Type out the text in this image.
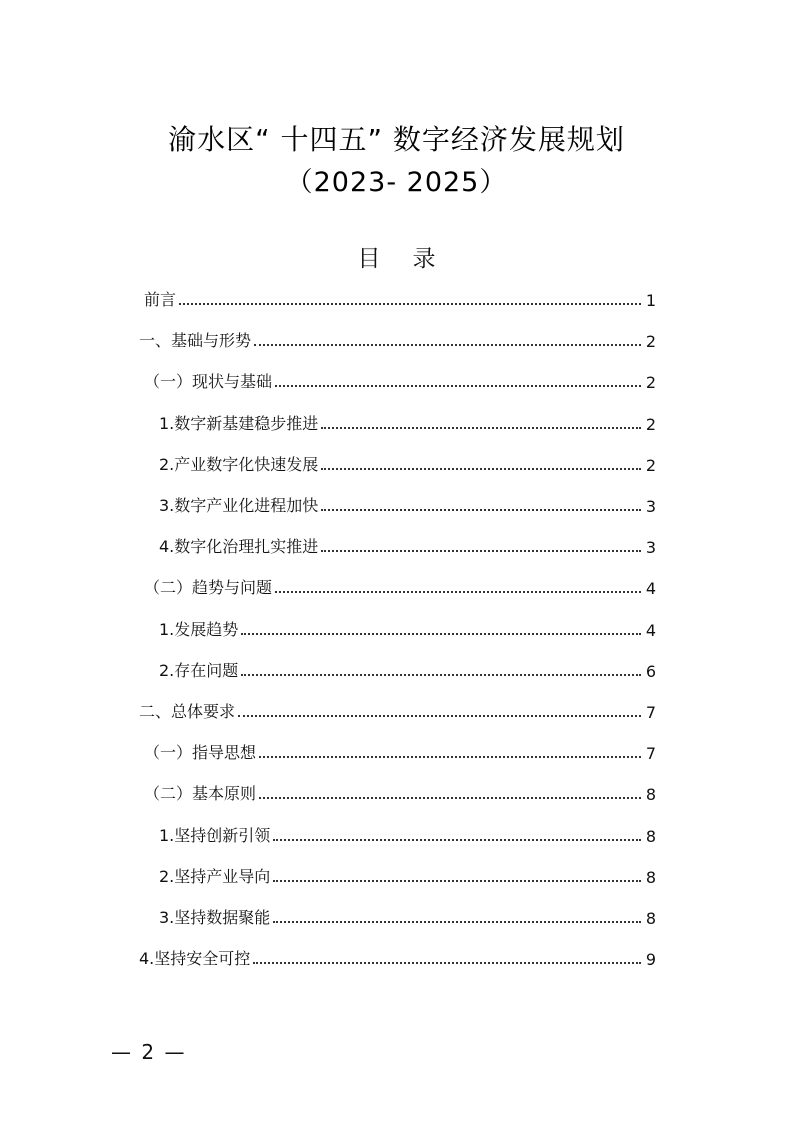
渝水区“ 十四五” 数字经济发展规划
（2023- 2025）
目录
前言	1
一、基础与形势	2
（一）现状与基础	2
1.数字新基建稳步推进	2
2.产业数字化快速发展	2
3.数字产业化进程加快	3
4.数字化治理扎实推进	3
（二）趋势与问题	4
1.发展趋势	4
2.存在问题	6
二、总体要求	7
（一）指导思想	7
（二）基本原则	8
1.坚持创新引领	8
2.坚持产业导向	8
3.坚持数据聚能	8
4.坚持安全可控	9
— 2 —
